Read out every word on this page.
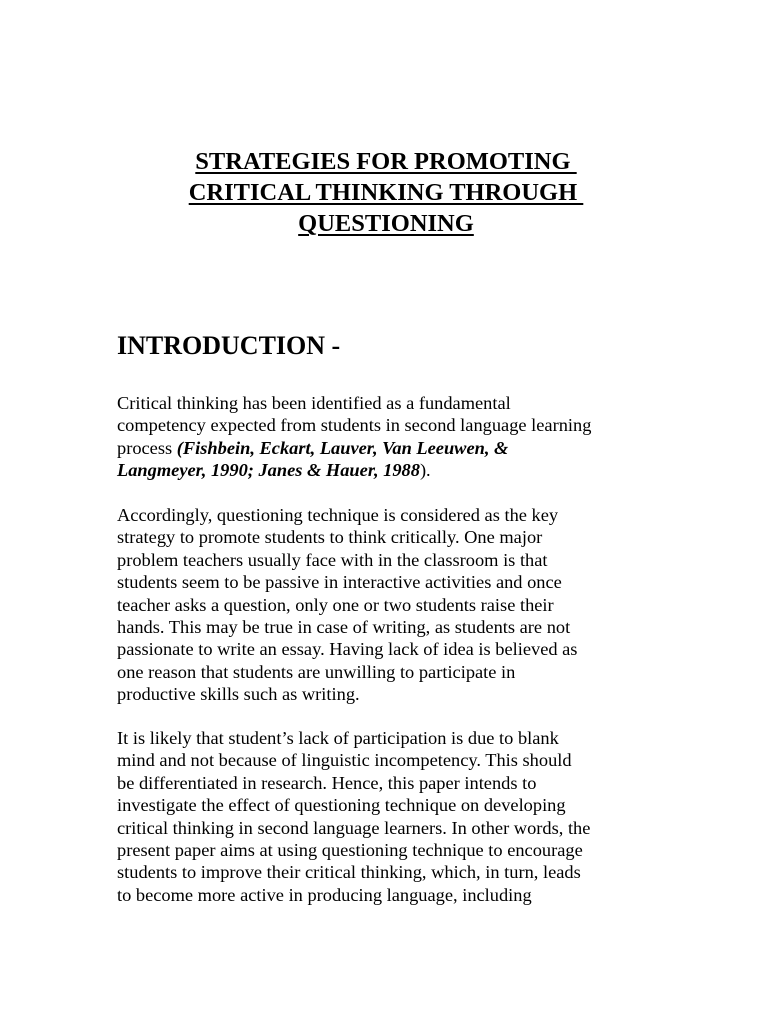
STRATEGIES FOR PROMOTING
CRITICAL THINKING THROUGH
QUESTIONING
INTRODUCTION -

Critical thinking has been identified as a fundamental
competency expected from students in second language learning
process (Fishbein, Eckart, Lauver, Van Leeuwen, &
Langmeyer, 1990; Janes & Hauer, 1988).

Accordingly, questioning technique is considered as the key
strategy to promote students to think critically. One major
problem teachers usually face with in the classroom is that
students seem to be passive in interactive activities and once
teacher asks a question, only one or two students raise their
hands. This may be true in case of writing, as students are not
passionate to write an essay. Having lack of idea is believed as
one reason that students are unwilling to participate in
productive skills such as writing.

It is likely that student’s lack of participation is due to blank
mind and not because of linguistic incompetency. This should
be differentiated in research. Hence, this paper intends to
investigate the effect of questioning technique on developing
critical thinking in second language learners. In other words, the
present paper aims at using questioning technique to encourage
students to improve their critical thinking, which, in turn, leads
to become more active in producing language, including
